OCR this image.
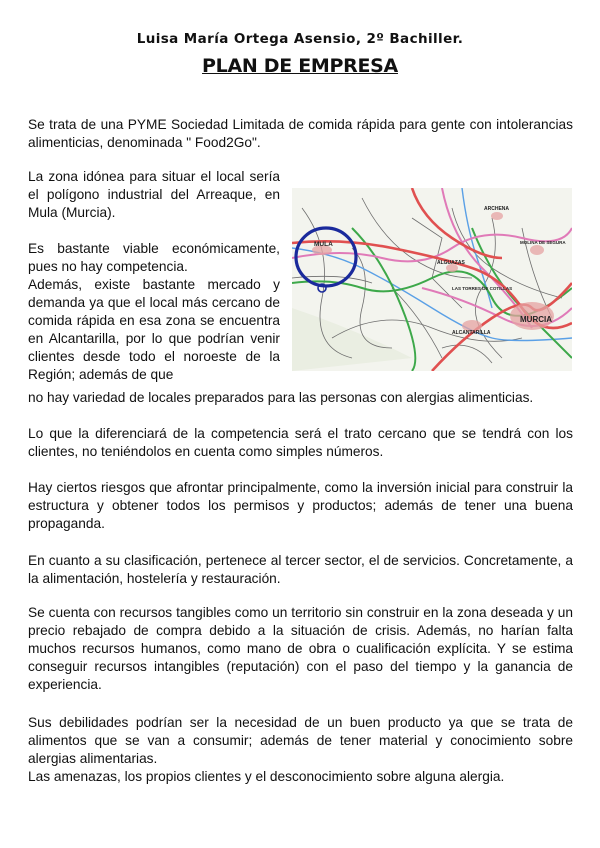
Luisa María Ortega Asensio, 2º Bachiller.
PLAN DE EMPRESA

Se trata de una PYME Sociedad Limitada de comida rápida para gente con intolerancias alimenticias, denominada " Food2Go".

La zona idónea para situar el local sería el polígono industrial del Arreaque, en Mula (Murcia).

Es bastante viable económicamente, pues no hay competencia.

Además, existe bastante mercado y demanda ya que el local más cercano de comida rápida en esa zona se encuentra en Alcantarilla, por lo que podrían venir clientes desde todo el noroeste de la Región; además de que

no hay variedad de locales preparados para las personas con alergias alimenticias.

MULA
MURCIA
ALCANTARILLA
ALGUAZAS
ARCHENA
MOLINA DE SEGURA
LAS TORRES DE COTILLAS

Lo que la diferenciará de la competencia será el trato cercano que se tendrá con los clientes, no teniéndolos en cuenta como simples números.

Hay ciertos riesgos que afrontar principalmente, como la inversión inicial para construir la estructura y obtener todos los permisos y productos; además de tener una buena propaganda.

En cuanto a su clasificación, pertenece al tercer sector, el de servicios. Concretamente, a la alimentación, hostelería y restauración.

Se cuenta con recursos tangibles como un territorio sin construir en la zona deseada y un precio rebajado de compra debido a la situación de crisis. Además, no harían falta muchos recursos humanos, como mano de obra o cualificación explícita. Y se estima conseguir recursos intangibles (reputación) con el paso del tiempo y la ganancia de experiencia.

Sus debilidades podrían ser la necesidad de un buen producto ya que se trata de alimentos que se van a consumir; además de tener material y conocimiento sobre alergias alimentarias.

Las amenazas, los propios clientes y el desconocimiento sobre alguna alergia.
